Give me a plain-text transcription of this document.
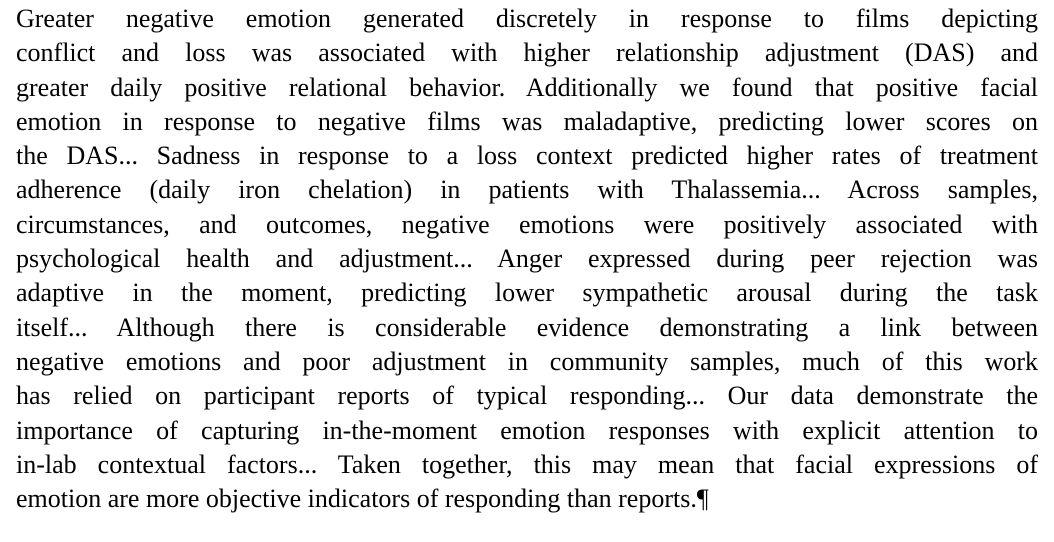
Greater negative emotion generated discretely in response to films depicting
conflict and loss was associated with higher relationship adjustment (DAS) and
greater daily positive relational behavior. Additionally we found that positive facial
emotion in response to negative films was maladaptive, predicting lower scores on
the DAS... Sadness in response to a loss context predicted higher rates of treatment
adherence (daily iron chelation) in patients with Thalassemia... Across samples,
circumstances, and outcomes, negative emotions were positively associated with
psychological health and adjustment... Anger expressed during peer rejection was
adaptive in the moment, predicting lower sympathetic arousal during the task
itself... Although there is considerable evidence demonstrating a link between
negative emotions and poor adjustment in community samples, much of this work
has relied on participant reports of typical responding... Our data demonstrate the
importance of capturing in-the-moment emotion responses with explicit attention to
in-lab contextual factors... Taken together, this may mean that facial expressions of
emotion are more objective indicators of responding than reports.¶
